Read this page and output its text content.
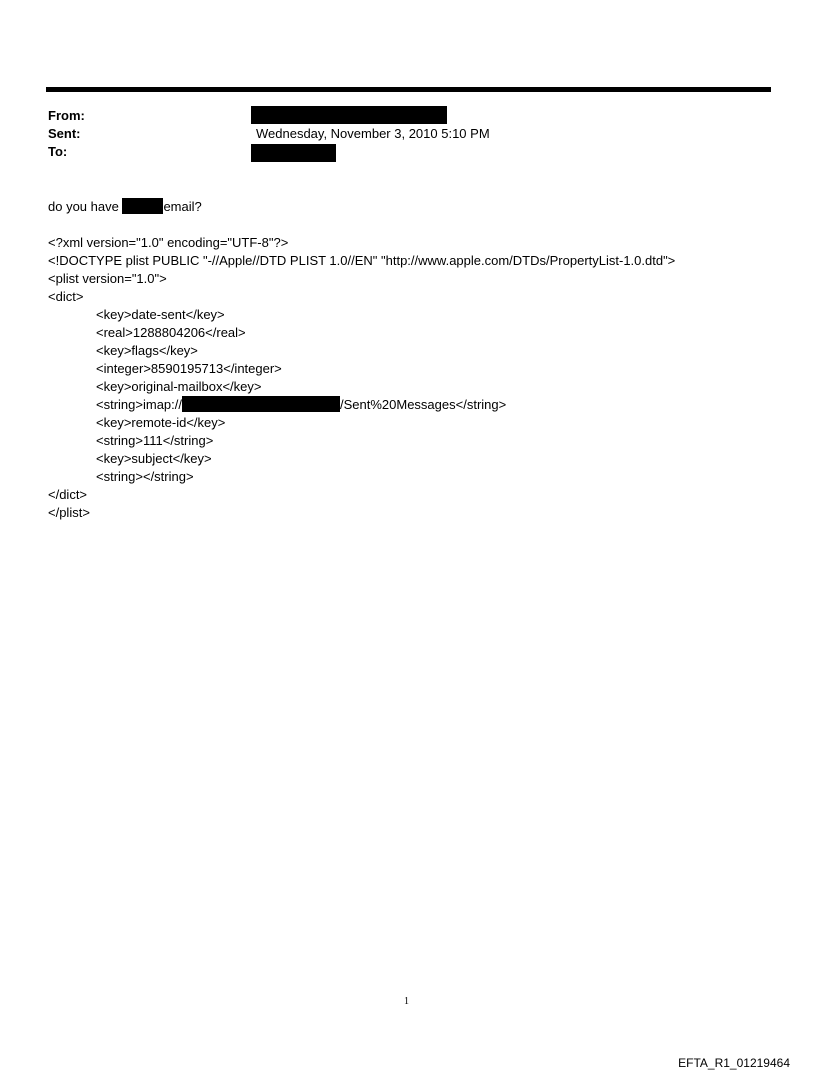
From:
Sent:	Wednesday, November 3, 2010 5:10 PM
To:
do you have	email?
<?xml version="1.0" encoding="UTF-8"?>
<!DOCTYPE plist PUBLIC "-//Apple//DTD PLIST 1.0//EN" "http://www.apple.com/DTDs/PropertyList-1.0.dtd">
<plist version="1.0">
<dict>
<key>date-sent</key>
<real>1288804206</real>
<key>flags</key>
<integer>8590195713</integer>
<key>original-mailbox</key>
<string>imap://	/Sent%20Messages</string>
<key>remote-id</key>
<string>111</string>
<key>subject</key>
<string></string>
</dict>
</plist>
1
EFTA_R1_01219464
